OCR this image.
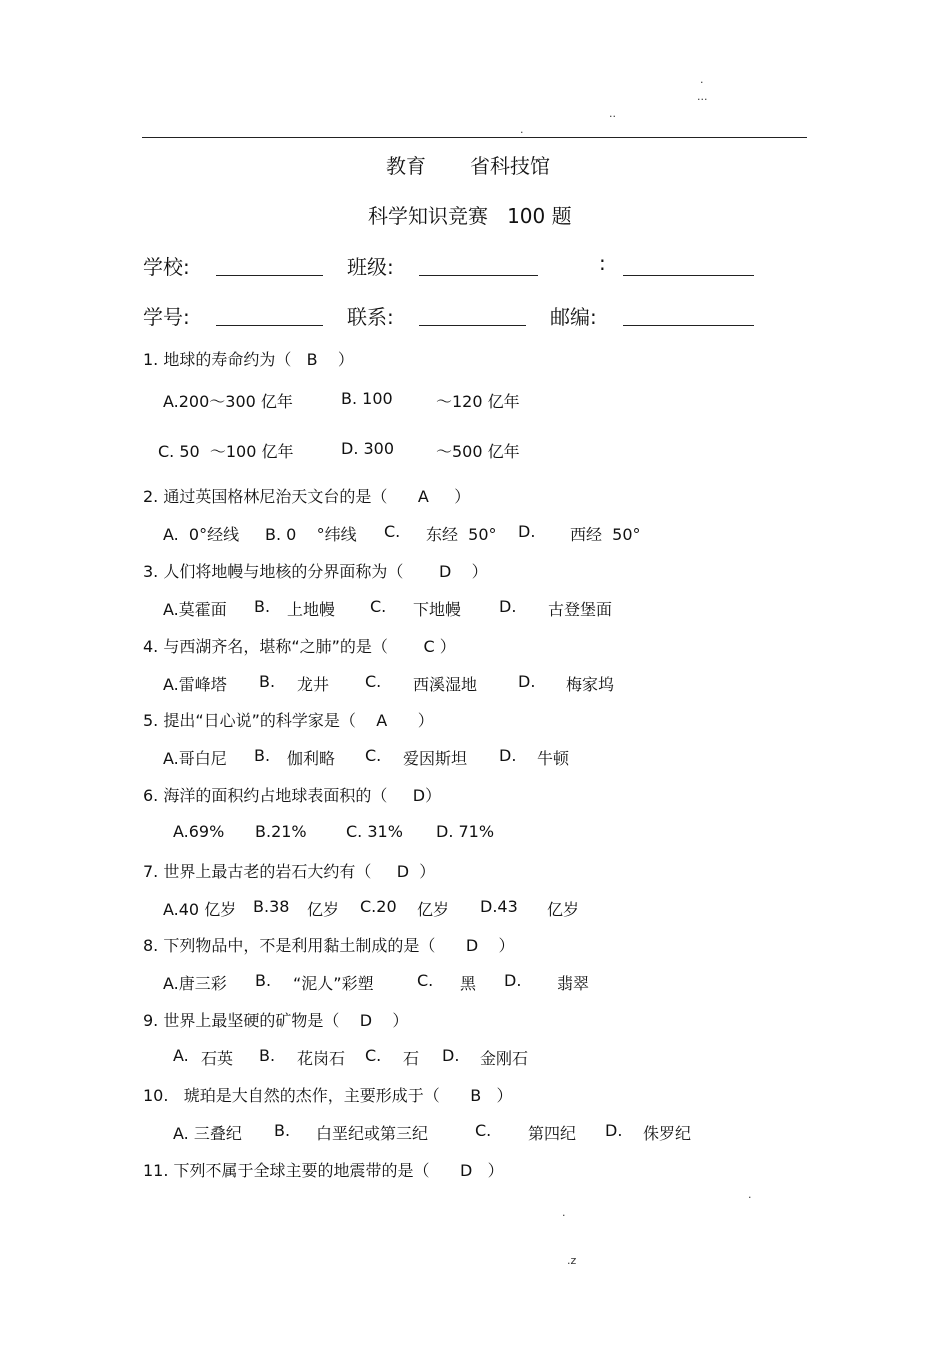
.
...
..
.
教育 省科技馆
科学知识竞赛   100 题
学校:	班级:	:
学号:	联系:	邮编:
1. 地球的寿命约为（   B    ）
A.200～300 亿年	B. 100	～120 亿年
C. 50  ～100 亿年	D. 300	～500 亿年
2. 通过英国格林尼治天文台的是（      A     ）
A.  0°经线 B. 0    °纬线 C. 东经  50° D. 西经  50°
3. 人们将地幔与地核的分界面称为（       D    ）
A.莫霍面 B. 上地幔 C. 下地幔 D. 古登堡面
4. 与西湖齐名，堪称“之肺”的是（       C ）
A.雷峰塔 B. 龙井 C. 西溪湿地	D. 梅家坞
5. 提出“日心说”的科学家是（    A      ）
A.哥白尼 B. 伽利略 C. 爱因斯坦 D. 牛顿
6. 海洋的面积约占地球表面积的（     D）
A.69% B.21% C. 31% D. 71%
7. 世界上最古老的岩石大约有（     D  ）
A.40 亿岁 B.38 亿岁 C.20 亿岁 D.43 亿岁
8. 下列物品中，不是利用黏土制成的是（      D    ）
A.唐三彩 B. “泥人”彩塑	C. 黑 D. 翡翠
9. 世界上最坚硬的矿物是（    D    ）
A. 石英 B. 花岗石 C. 石 D. 金刚石
10.   琥珀是大自然的杰作，主要形成于（      B   ）
A. 三叠纪 B. 白垩纪或第三纪	C. 第四纪 D. 侏罗纪
11. 下列不属于全球主要的地震带的是（      D   ）
.
.
.z
